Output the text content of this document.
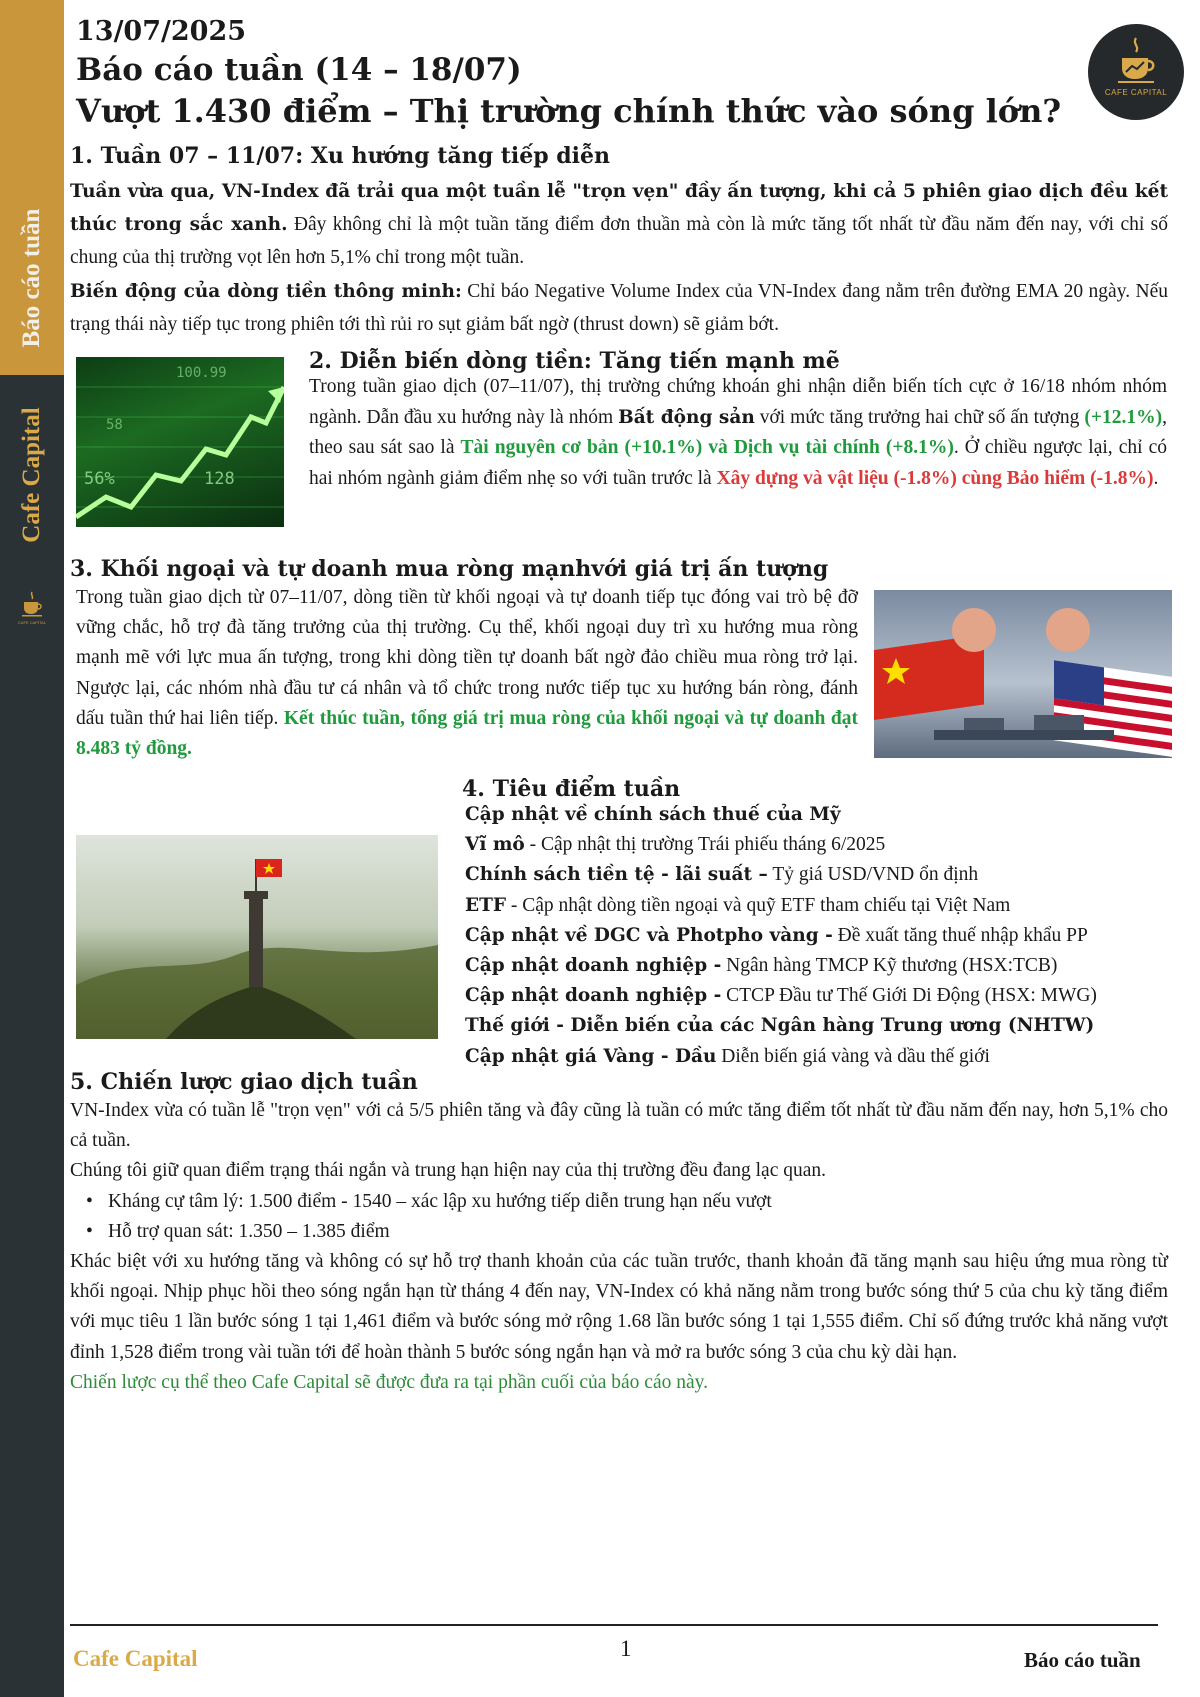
Báo cáo tuần
Cafe Capital
CAFE CAPITAL
CAFE CAPITAL
13/07/2025
Báo cáo tuần (14 – 18/07)
Vượt 1.430 điểm – Thị trường chính thức vào sóng lớn?
1. Tuần 07 – 11/07: Xu hướng tăng tiếp diễn
Tuần vừa qua, VN-Index đã trải qua một tuần lễ "trọn vẹn" đầy ấn tượng, khi cả 5 phiên giao dịch đều kết thúc trong sắc xanh. Đây không chỉ là một tuần tăng điểm đơn thuần mà còn là mức tăng tốt nhất từ đầu năm đến nay, với chỉ số chung của thị trường vọt lên hơn 5,1% chỉ trong một tuần.
Biến động của dòng tiền thông minh: Chỉ báo Negative Volume Index của VN-Index đang nằm trên đường EMA 20 ngày. Nếu trạng thái này tiếp tục trong phiên tới thì rủi ro sụt giảm bất ngờ (thrust down) sẽ giảm bớt.
56%	128
100.99
58
2. Diễn biến dòng tiền: Tăng tiến mạnh mẽ
Trong tuần giao dịch (07–11/07), thị trường chứng khoán ghi nhận diễn biến tích cực ở 16/18 nhóm nhóm ngành. Dẫn đầu xu hướng này là nhóm Bất động sản với mức tăng trưởng hai chữ số ấn tượng (+12.1%), theo sau sát sao là Tài nguyên cơ bản (+10.1%) và Dịch vụ tài chính (+8.1%). Ở chiều ngược lại, chỉ có hai nhóm ngành giảm điểm nhẹ so với tuần trước là Xây dựng và vật liệu (-1.8%) cùng Bảo hiểm (-1.8%).
3. Khối ngoại và tự doanh mua ròng mạnhvới giá trị ấn tượng
Trong tuần giao dịch từ 07–11/07, dòng tiền từ khối ngoại và tự doanh tiếp tục đóng vai trò bệ đỡ vững chắc, hỗ trợ đà tăng trưởng của thị trường. Cụ thể, khối ngoại duy trì xu hướng mua ròng mạnh mẽ với lực mua ấn tượng, trong khi dòng tiền tự doanh bất ngờ đảo chiều mua ròng trở lại. Ngược lại, các nhóm nhà đầu tư cá nhân và tổ chức trong nước tiếp tục xu hướng bán ròng, đánh dấu tuần thứ hai liên tiếp. Kết thúc tuần, tổng giá trị mua ròng của khối ngoại và tự doanh đạt 8.483 tỷ đồng.
4. Tiêu điểm tuần
Cập nhật về chính sách thuế của Mỹ
Vĩ mô - Cập nhật thị trường Trái phiếu tháng 6/2025
Chính sách tiền tệ - lãi suất – Tỷ giá USD/VND ổn định
ETF - Cập nhật dòng tiền ngoại và quỹ ETF tham chiếu tại Việt Nam
Cập nhật về DGC và Photpho vàng - Đề xuất tăng thuế nhập khẩu PP
Cập nhật doanh nghiệp - Ngân hàng TMCP Kỹ thương (HSX:TCB)
Cập nhật doanh nghiệp - CTCP Đầu tư Thế Giới Di Động (HSX: MWG)
Thế giới - Diễn biến của các Ngân hàng Trung ương (NHTW)
Cập nhật giá Vàng - Dầu Diễn biến giá vàng và dầu thế giới
5. Chiến lược giao dịch tuần
VN-Index vừa có tuần lễ "trọn vẹn" với cả 5/5 phiên tăng và đây cũng là tuần có mức tăng điểm tốt nhất từ đầu năm đến nay, hơn 5,1% cho cả tuần.
Chúng tôi giữ quan điểm trạng thái ngắn và trung hạn hiện nay của thị trường đều đang lạc quan.
• Kháng cự tâm lý: 1.500 điểm - 1540 – xác lập xu hướng tiếp diễn trung hạn nếu vượt
• Hỗ trợ quan sát: 1.350 – 1.385 điểm
Khác biệt với xu hướng tăng và không có sự hỗ trợ thanh khoản của các tuần trước, thanh khoản đã tăng mạnh sau hiệu ứng mua ròng từ khối ngoại. Nhịp phục hồi theo sóng ngắn hạn từ tháng 4 đến nay, VN-Index có khả năng nằm trong bước sóng thứ 5 của chu kỳ tăng điểm với mục tiêu 1 lần bước sóng 1 tại 1,461 điểm và bước sóng mở rộng 1.68 lần bước sóng 1 tại 1,555 điểm. Chỉ số đứng trước khả năng vượt đỉnh 1,528 điểm trong vài tuần tới để hoàn thành 5 bước sóng ngắn hạn và mở ra bước sóng 3 của chu kỳ dài hạn.
Chiến lược cụ thể theo Cafe Capital sẽ được đưa ra tại phần cuối của báo cáo này.
Cafe Capital	1	Báo cáo tuần
